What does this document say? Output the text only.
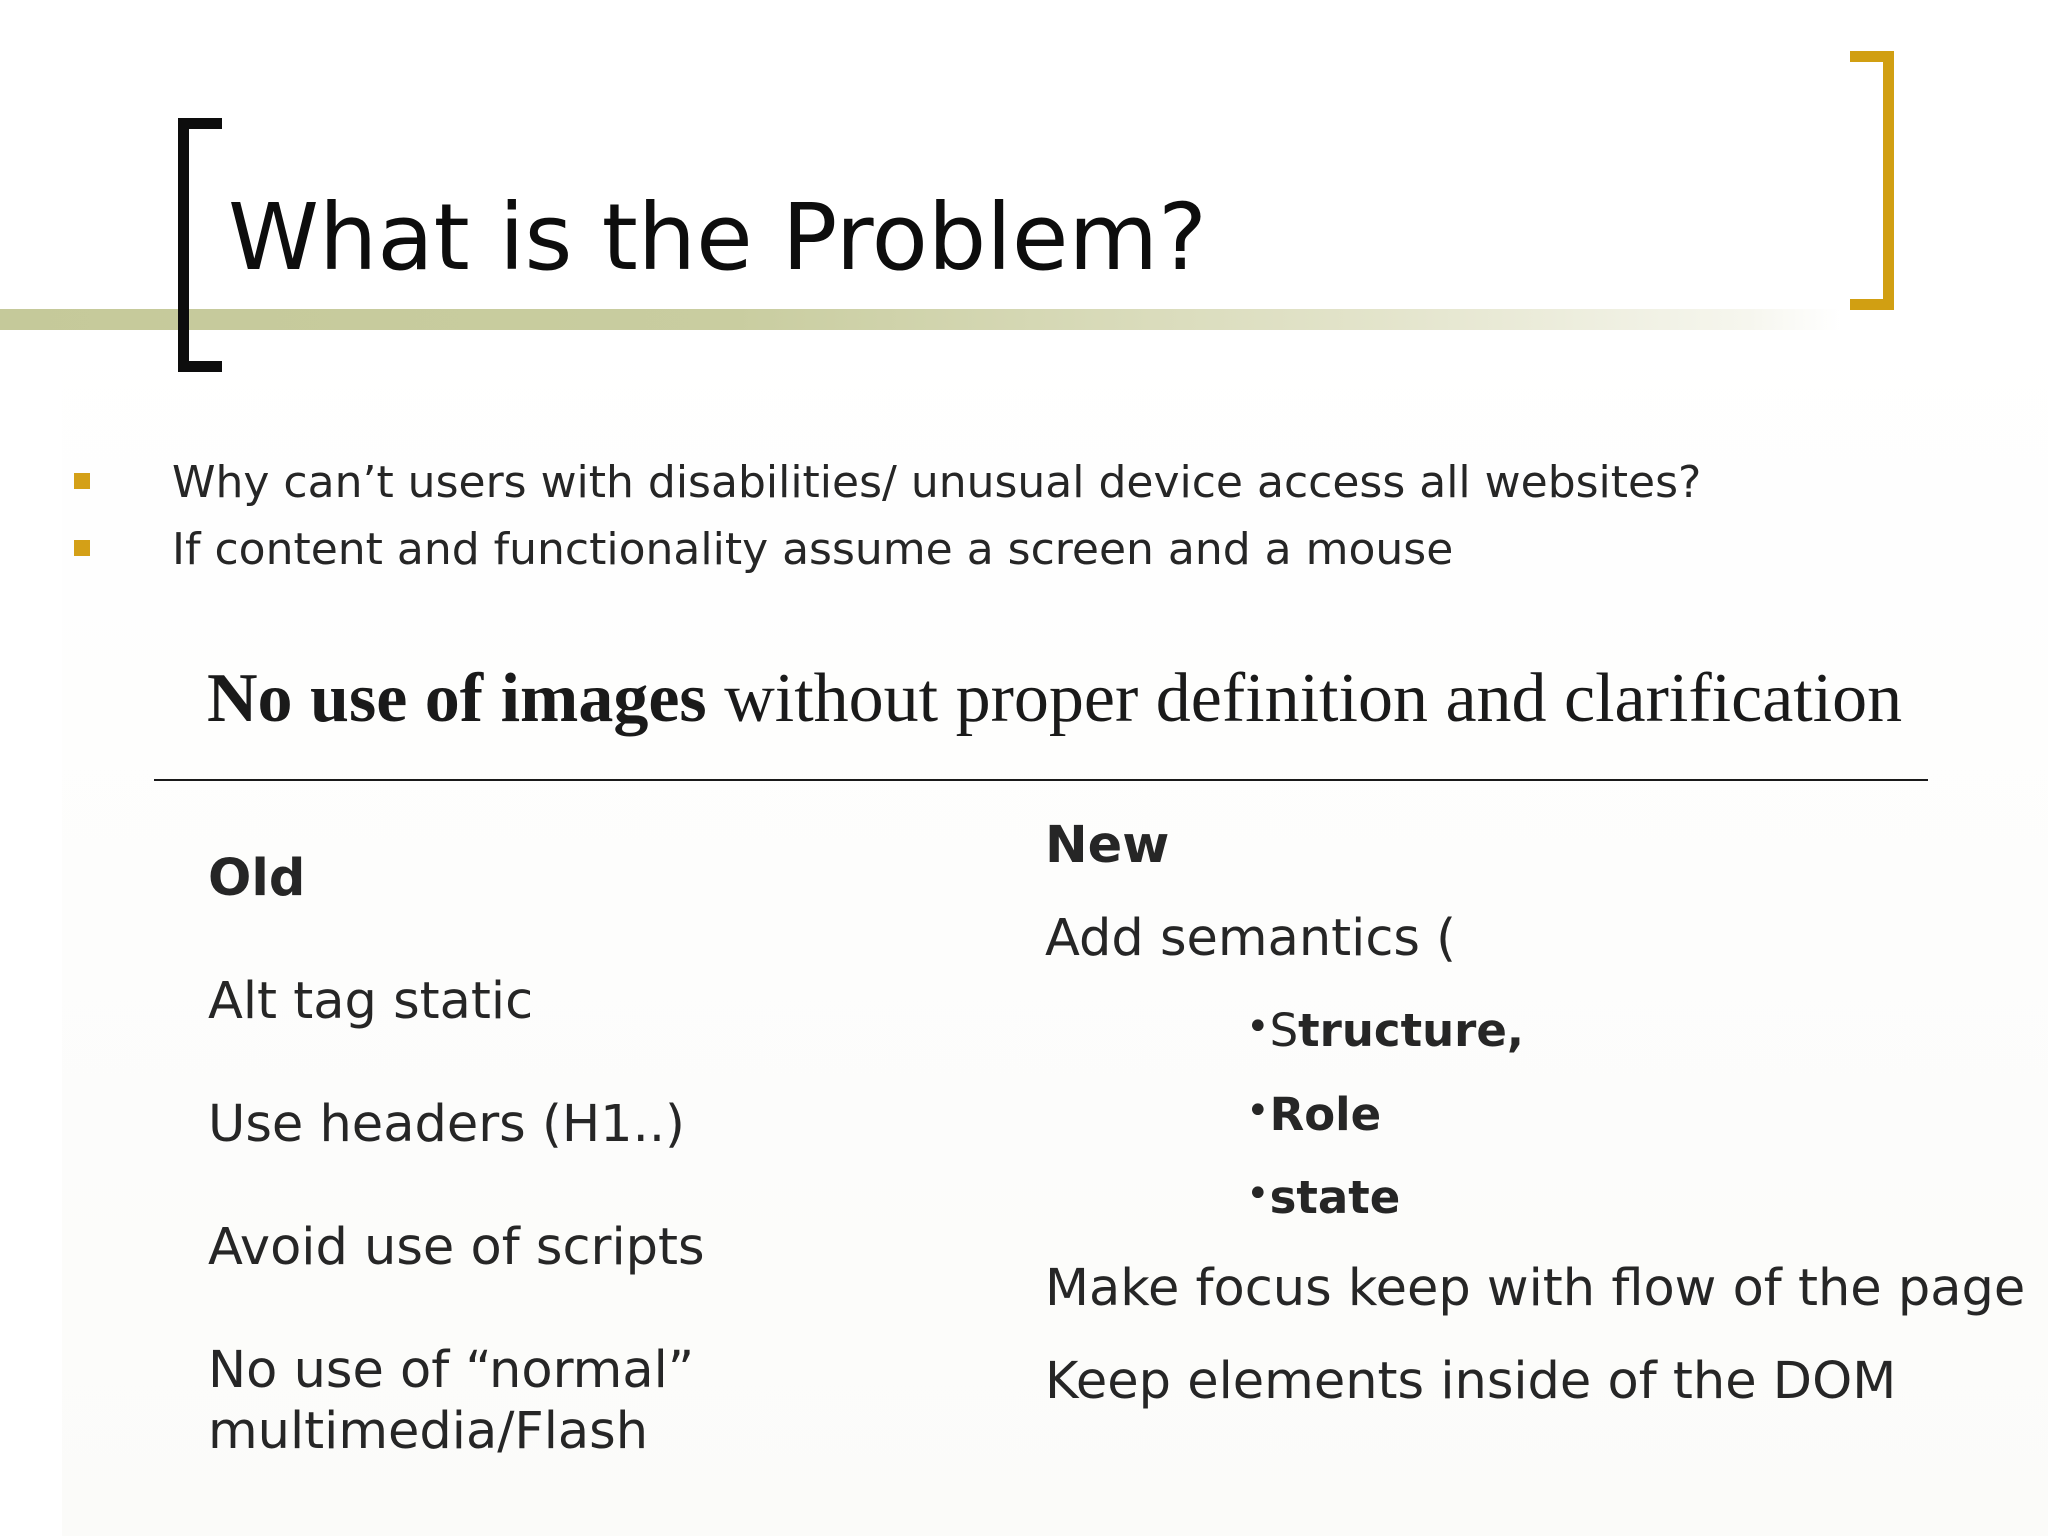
What is the Problem?
Why can’t users with disabilities/ unusual device access all websites?
If content and functionality assume a screen and a mouse
No use of images without proper definition and clarification
Old
Alt tag static
Use headers (H1..)
Avoid use of scripts
No use of “normal”
multimedia/Flash
New
Add semantics (
•Structure,
•Role
•state
Make focus keep with flow of the page
Keep elements inside of the DOM
